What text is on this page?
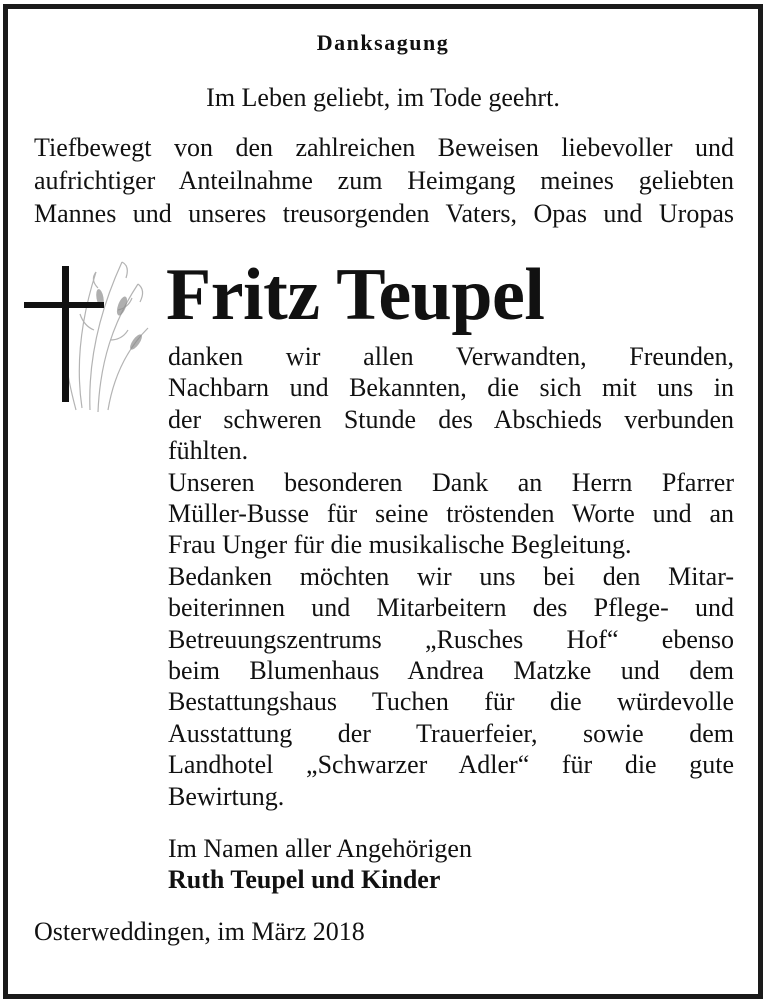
Danksagung
Im Leben geliebt, im Tode geehrt.
Tiefbewegt von den zahlreichen Beweisen liebevoller und
aufrichtiger Anteilnahme zum Heimgang meines geliebten
Mannes und unseres treusorgenden Vaters, Opas und Uropas
Fritz Teupel
danken wir allen Verwandten, Freunden,
Nachbarn und Bekannten, die sich mit uns in
der schweren Stunde des Abschieds verbunden
fühlten.
Unseren besonderen Dank an Herrn Pfarrer
Müller-Busse für seine tröstenden Worte und an
Frau Unger für die musikalische Begleitung.
Bedanken möchten wir uns bei den Mitar-
beiterinnen und Mitarbeitern des Pflege- und
Betreuungszentrums „Rusches Hof“ ebenso
beim Blumenhaus Andrea Matzke und dem
Bestattungshaus Tuchen für die würdevolle
Ausstattung der Trauerfeier, sowie dem
Landhotel „Schwarzer Adler“ für die gute
Bewirtung.
Im Namen aller Angehörigen
Ruth Teupel und Kinder
Osterweddingen, im März 2018
